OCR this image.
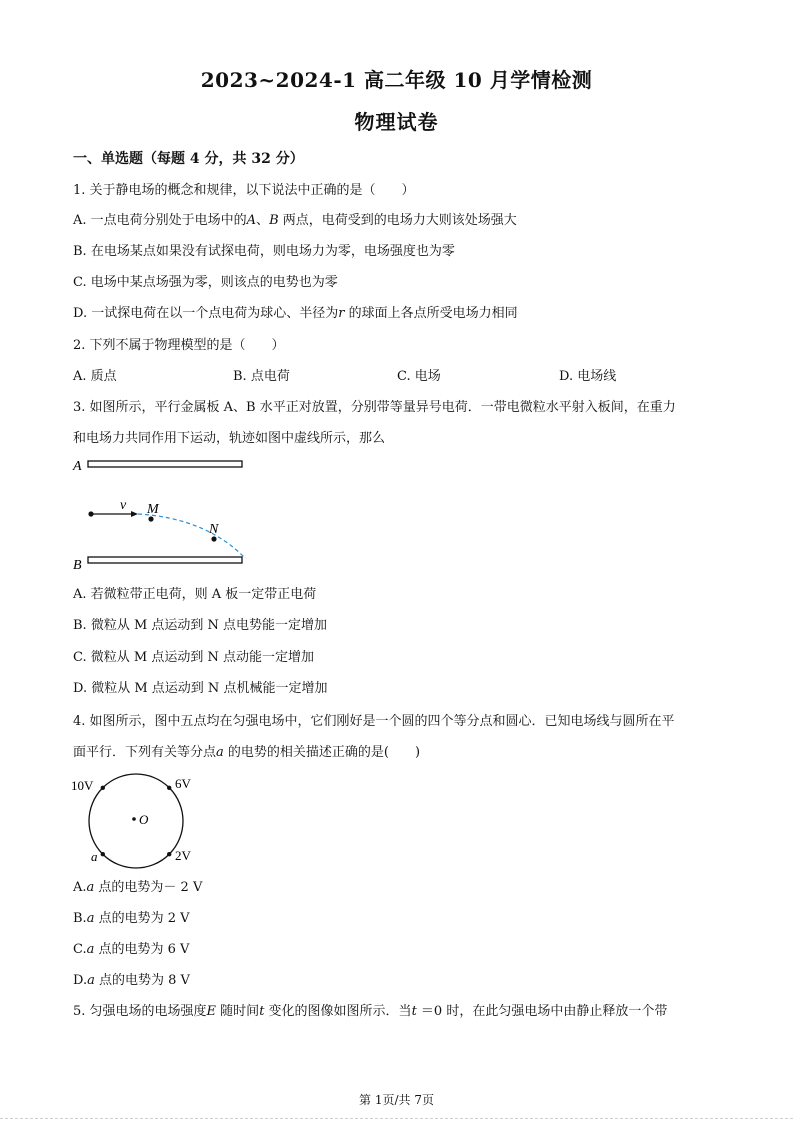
2023~2024-1 高二年级 10 月学情检测
物理试卷
一、单选题（每题 4 分，共 32 分）
1. 关于静电场的概念和规律，以下说法中正确的是（　　）
A. 一点电荷分别处于电场中的A、B 两点，电荷受到的电场力大则该处场强大
B. 在电场某点如果没有试探电荷，则电场力为零，电场强度也为零
C. 电场中某点场强为零，则该点的电势也为零
D. 一试探电荷在以一个点电荷为球心、半径为r 的球面上各点所受电场力相同
2. 下列不属于物理模型的是（　　）
A. 质点	B. 点电荷	C. 电场	D. 电场线
3. 如图所示，平行金属板 A、B 水平正对放置，分别带等量异号电荷．一带电微粒水平射入板间，在重力
和电场力共同作用下运动，轨迹如图中虚线所示，那么
A
B
v M
N
A. 若微粒带正电荷，则 A 板一定带正电荷
B. 微粒从 M 点运动到 N 点电势能一定增加
C. 微粒从 M 点运动到 N 点动能一定增加
D. 微粒从 M 点运动到 N 点机械能一定增加
4. 如图所示，图中五点均在匀强电场中，它们刚好是一个圆的四个等分点和圆心．已知电场线与圆所在平
面平行．下列有关等分点a 的电势的相关描述正确的是(　　)
10V	6V
O
a	2V
A.a 点的电势为－ 2 V
B.a 点的电势为 2 V
C.a 点的电势为 6 V
D.a 点的电势为 8 V
5. 匀强电场的电场强度E 随时间t 变化的图像如图所示．当t ＝0 时，在此匀强电场中由静止释放一个带
第 1页/共 7页
